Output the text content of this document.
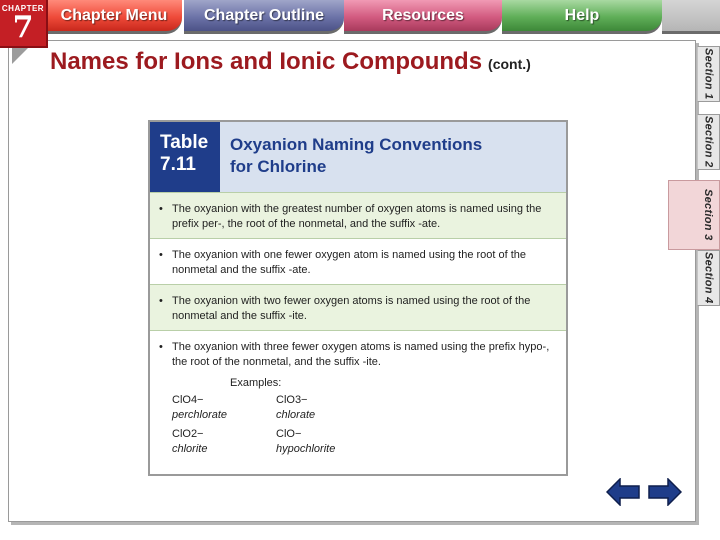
CHAPTER
7	Chapter Menu	Chapter Outline	Resources	Help
Names for Ions and Ionic Compounds (cont.)
Table
7.11
Oxyanion Naming Conventions
for Chlorine
• The oxyanion with the greatest number of oxygen atoms is named using the prefix per-, the root of the nonmetal, and the suffix -ate.
• The oxyanion with one fewer oxygen atom is named using the root of the nonmetal and the suffix -ate.
• The oxyanion with two fewer oxygen atoms is named using the root of the nonmetal and the suffix -ite.
• The oxyanion with three fewer oxygen atoms is named using the prefix hypo-, the root of the nonmetal, and the suffix -ite.
Examples:
ClO4−	ClO3−
perchlorate	chlorate
ClO2−	ClO−
chlorite	hypochlorite
Section 1
Section 2
Section 3
Section 4
